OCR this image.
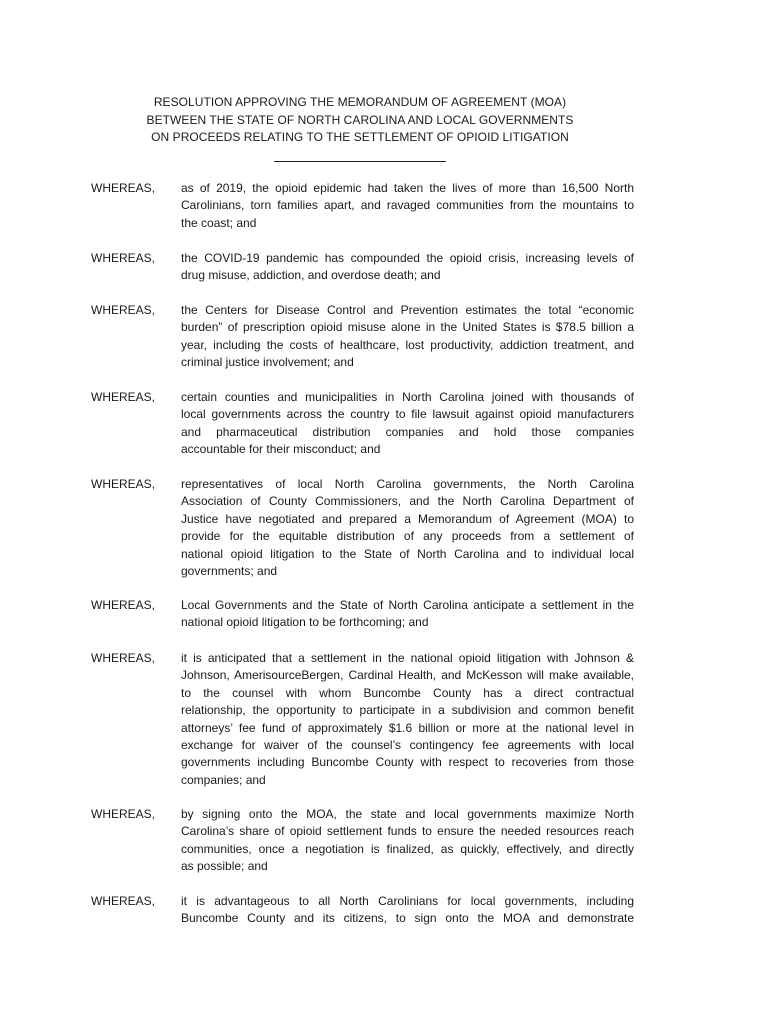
RESOLUTION APPROVING THE MEMORANDUM OF AGREEMENT (MOA)
BETWEEN THE STATE OF NORTH CAROLINA AND LOCAL GOVERNMENTS
ON PROCEEDS RELATING TO THE SETTLEMENT OF OPIOID LITIGATION
WHEREAS, as of 2019, the opioid epidemic had taken the lives of more than 16,500 North
Carolinians, torn families apart, and ravaged communities from the mountains to
the coast; and
WHEREAS, the COVID-19 pandemic has compounded the opioid crisis, increasing levels of
drug misuse, addiction, and overdose death; and
WHEREAS, the Centers for Disease Control and Prevention estimates the total “economic
burden” of prescription opioid misuse alone in the United States is $78.5 billion a
year, including the costs of healthcare, lost productivity, addiction treatment, and
criminal justice involvement; and
WHEREAS, certain counties and municipalities in North Carolina joined with thousands of
local governments across the country to file lawsuit against opioid manufacturers
and pharmaceutical distribution companies and hold those companies
accountable for their misconduct; and
WHEREAS, representatives of local North Carolina governments, the North Carolina
Association of County Commissioners, and the North Carolina Department of
Justice have negotiated and prepared a Memorandum of Agreement (MOA) to
provide for the equitable distribution of any proceeds from a settlement of
national opioid litigation to the State of North Carolina and to individual local
governments; and
WHEREAS, Local Governments and the State of North Carolina anticipate a settlement in the
national opioid litigation to be forthcoming; and
WHEREAS, it is anticipated that a settlement in the national opioid litigation with Johnson &
Johnson, AmerisourceBergen, Cardinal Health, and McKesson will make available,
to the counsel with whom Buncombe County has a direct contractual
relationship, the opportunity to participate in a subdivision and common benefit
attorneys’ fee fund of approximately $1.6 billion or more at the national level in
exchange for waiver of the counsel’s contingency fee agreements with local
governments including Buncombe County with respect to recoveries from those
companies; and
WHEREAS, by signing onto the MOA, the state and local governments maximize North
Carolina’s share of opioid settlement funds to ensure the needed resources reach
communities, once a negotiation is finalized, as quickly, effectively, and directly
as possible; and
WHEREAS, it is advantageous to all North Carolinians for local governments, including
Buncombe County and its citizens, to sign onto the MOA and demonstrate
